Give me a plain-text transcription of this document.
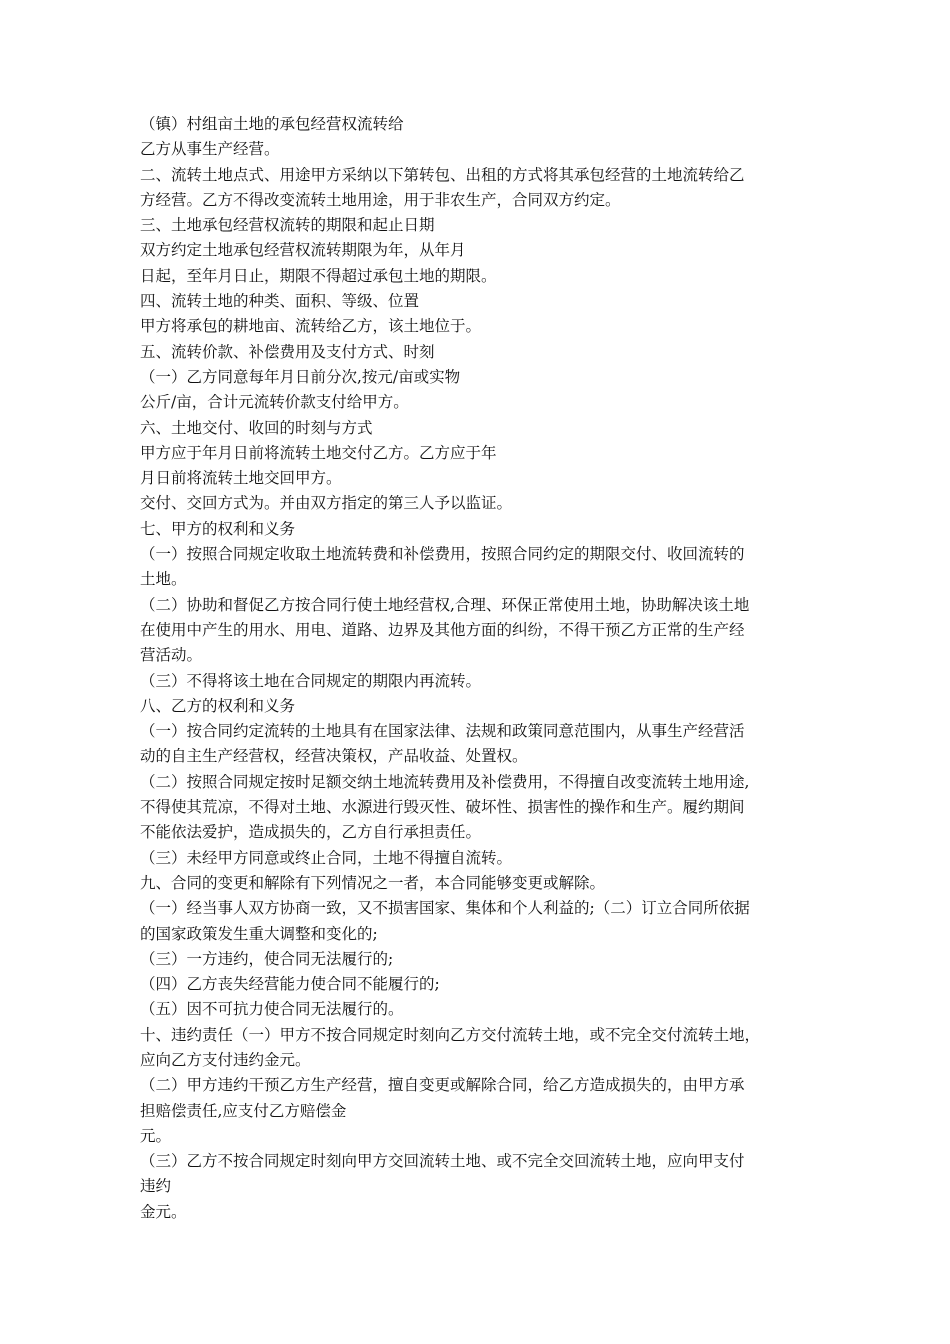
（镇）村组亩土地的承包经营权流转给
乙方从事生产经营。
二、流转土地点式、用途甲方采纳以下第转包、出租的方式将其承包经营的土地流转给乙
方经营。乙方不得改变流转土地用途，用于非农生产，合同双方约定。
三、土地承包经营权流转的期限和起止日期
双方约定土地承包经营权流转期限为年，从年月
日起，至年月日止，期限不得超过承包土地的期限。
四、流转土地的种类、面积、等级、位置
甲方将承包的耕地亩、流转给乙方，该土地位于。
五、流转价款、补偿费用及支付方式、时刻
（一）乙方同意每年月日前分次,按元/亩或实物
公斤/亩，合计元流转价款支付给甲方。
六、土地交付、收回的时刻与方式
甲方应于年月日前将流转土地交付乙方。乙方应于年
月日前将流转土地交回甲方。
交付、交回方式为。并由双方指定的第三人予以监证。
七、甲方的权利和义务
（一）按照合同规定收取土地流转费和补偿费用，按照合同约定的期限交付、收回流转的
土地。
（二）协助和督促乙方按合同行使土地经营权,合理、环保正常使用土地，协助解决该土地
在使用中产生的用水、用电、道路、边界及其他方面的纠纷，不得干预乙方正常的生产经
营活动。
（三）不得将该土地在合同规定的期限内再流转。
八、乙方的权利和义务
（一）按合同约定流转的土地具有在国家法律、法规和政策同意范围内，从事生产经营活
动的自主生产经营权，经营决策权，产品收益、处置权。
（二）按照合同规定按时足额交纳土地流转费用及补偿费用，不得擅自改变流转土地用途,
不得使其荒凉，不得对土地、水源进行毁灭性、破坏性、损害性的操作和生产。履约期间
不能依法爱护，造成损失的，乙方自行承担责任。
（三）未经甲方同意或终止合同，土地不得擅自流转。
九、合同的变更和解除有下列情况之一者，本合同能够变更或解除。
（一）经当事人双方协商一致，又不损害国家、集体和个人利益的;（二）订立合同所依据
的国家政策发生重大调整和变化的;
（三）一方违约，使合同无法履行的;
（四）乙方丧失经营能力使合同不能履行的;
（五）因不可抗力使合同无法履行的。
十、违约责任（一）甲方不按合同规定时刻向乙方交付流转土地，或不完全交付流转土地，
应向乙方支付违约金元。
（二）甲方违约干预乙方生产经营，擅自变更或解除合同，给乙方造成损失的，由甲方承
担赔偿责任,应支付乙方赔偿金
元。
（三）乙方不按合同规定时刻向甲方交回流转土地、或不完全交回流转土地，应向甲支付
违约
金元。
